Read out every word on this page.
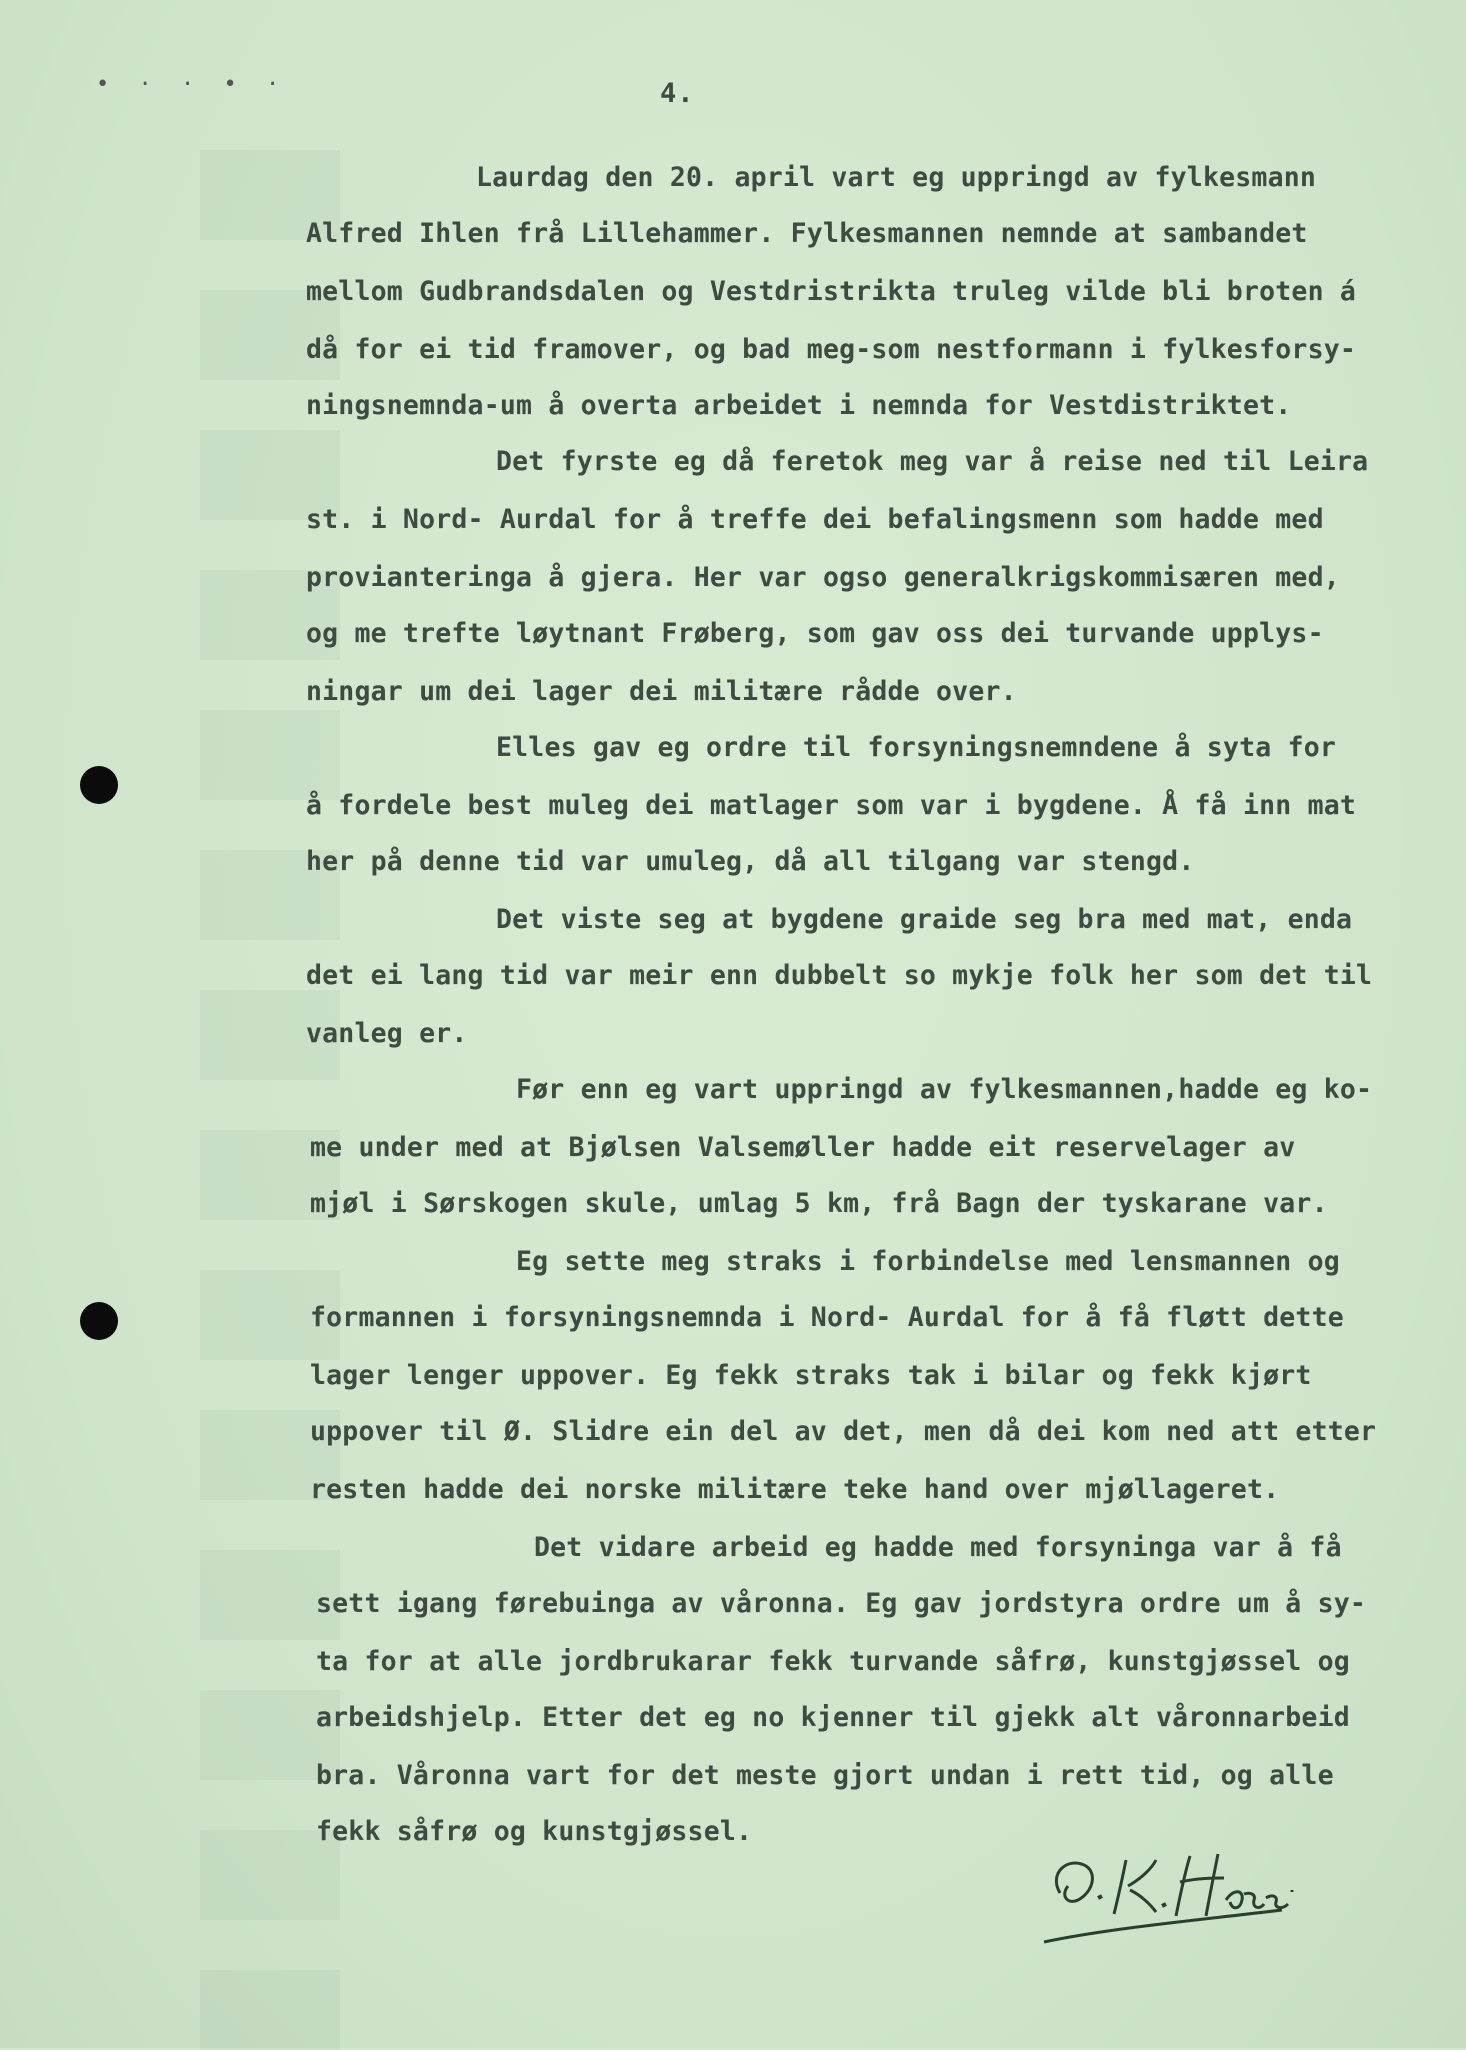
• · · • ·	4.
Laurdag den 20. april vart eg uppringd av fylkesmann
Alfred Ihlen frå Lillehammer. Fylkesmannen nemnde at sambandet
mellom Gudbrandsdalen og Vestdristrikta truleg vilde bli broten á
då for ei tid framover, og bad meg-som nestformann i fylkesforsy-
ningsnemnda-um å overta arbeidet i nemnda for Vestdistriktet.
Det fyrste eg då feretok meg var å reise ned til Leira
st. i Nord- Aurdal for å treffe dei befalingsmenn som hadde med
provianteringa å gjera. Her var ogso generalkrigskommisæren med,
og me trefte løytnant Frøberg, som gav oss dei turvande upplys-
ningar um dei lager dei militære rådde over.
Elles gav eg ordre til forsyningsnemndene å syta for
å fordele best muleg dei matlager som var i bygdene. Å få inn mat
her på denne tid var umuleg, då all tilgang var stengd.
Det viste seg at bygdene graide seg bra med mat, enda
det ei lang tid var meir enn dubbelt so mykje folk her som det til
vanleg er.
Før enn eg vart uppringd av fylkesmannen,hadde eg ko-
me under med at Bjølsen Valsemøller hadde eit reservelager av
mjøl i Sørskogen skule, umlag 5 km, frå Bagn der tyskarane var.
Eg sette meg straks i forbindelse med lensmannen og
formannen i forsyningsnemnda i Nord- Aurdal for å få fløtt dette
lager lenger uppover. Eg fekk straks tak i bilar og fekk kjørt
uppover til Ø. Slidre ein del av det, men då dei kom ned att etter
resten hadde dei norske militære teke hand over mjøllageret.
Det vidare arbeid eg hadde med forsyninga var å få
sett igang førebuinga av våronna. Eg gav jordstyra ordre um å sy-
ta for at alle jordbrukarar fekk turvande såfrø, kunstgjøssel og
arbeidshjelp. Etter det eg no kjenner til gjekk alt våronnarbeid
bra. Våronna vart for det meste gjort undan i rett tid, og alle
fekk såfrø og kunstgjøssel.
